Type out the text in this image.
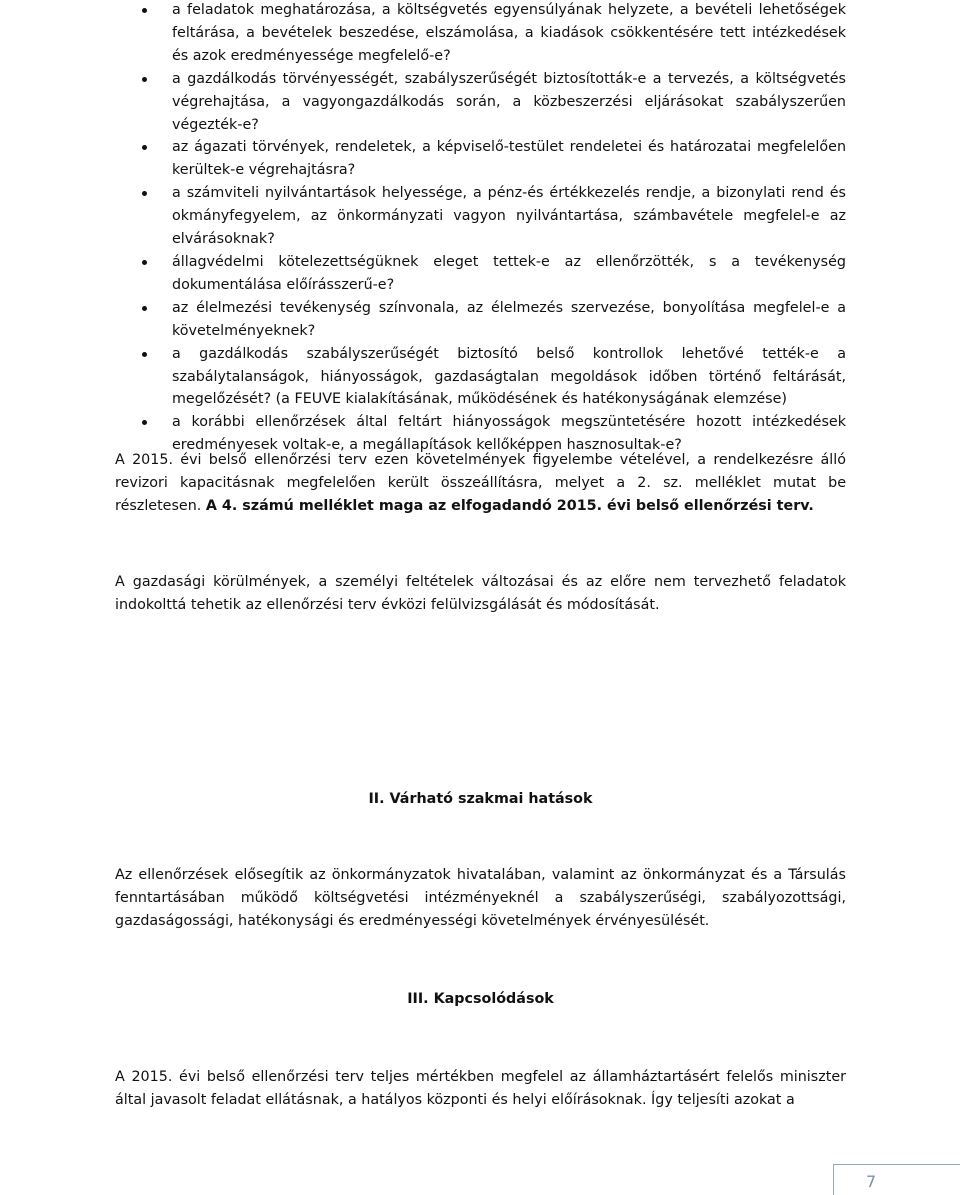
a feladatok meghatározása, a költségvetés egyensúlyának helyzete, a bevételi lehetőségek feltárása, a bevételek beszedése, elszámolása, a kiadások csökkentésére tett intézkedések és azok eredményessége megfelelő-e?
a gazdálkodás törvényességét, szabályszerűségét biztosították-e a tervezés, a költségvetés végrehajtása, a vagyongazdálkodás során, a közbeszerzési eljárásokat szabályszerűen végezték-e?
az ágazati törvények, rendeletek, a képviselő-testület rendeletei és határozatai megfelelően kerültek-e végrehajtásra?
a számviteli nyilvántartások helyessége, a pénz-és értékkezelés rendje, a bizonylati rend és okmányfegyelem, az önkormányzati vagyon nyilvántartása, számbavétele megfelel-e az elvárásoknak?
állagvédelmi kötelezettségüknek eleget tettek-e az ellenőrzötték, s a tevékenység dokumentálása előírásszerű-e?
az élelmezési tevékenység színvonala, az élelmezés szervezése, bonyolítása megfelel-e a követelményeknek?
a gazdálkodás szabályszerűségét biztosító belső kontrollok lehetővé tették-e a szabálytalanságok, hiányosságok, gazdaságtalan megoldások időben történő feltárását, megelőzését? (a FEUVE kialakításának, működésének és hatékonyságának elemzése)
a korábbi ellenőrzések által feltárt hiányosságok megszüntetésére hozott intézkedések eredményesek voltak-e, a megállapítások kellőképpen hasznosultak-e?

A 2015. évi belső ellenőrzési terv ezen követelmények figyelembe vételével, a rendelkezésre álló revizori kapacitásnak megfelelően került összeállításra, melyet a 2. sz. melléklet mutat be részletesen. A 4. számú melléklet maga az elfogadandó 2015. évi belső ellenőrzési terv.

A gazdasági körülmények, a személyi feltételek változásai és az előre nem tervezhető feladatok indokolttá tehetik az ellenőrzési terv évközi felülvizsgálását és módosítását.

II. Várható szakmai hatások

Az ellenőrzések elősegítik az önkormányzatok hivatalában, valamint az önkormányzat és a Társulás fenntartásában működő költségvetési intézményeknél a szabályszerűségi, szabályozottsági, gazdaságossági, hatékonysági és eredményességi követelmények érvényesülését.

III. Kapcsolódások

A 2015. évi belső ellenőrzési terv teljes mértékben megfelel az államháztartásért felelős miniszter által javasolt feladat ellátásnak, a hatályos központi és helyi előírásoknak. Így teljesíti azokat a

7
